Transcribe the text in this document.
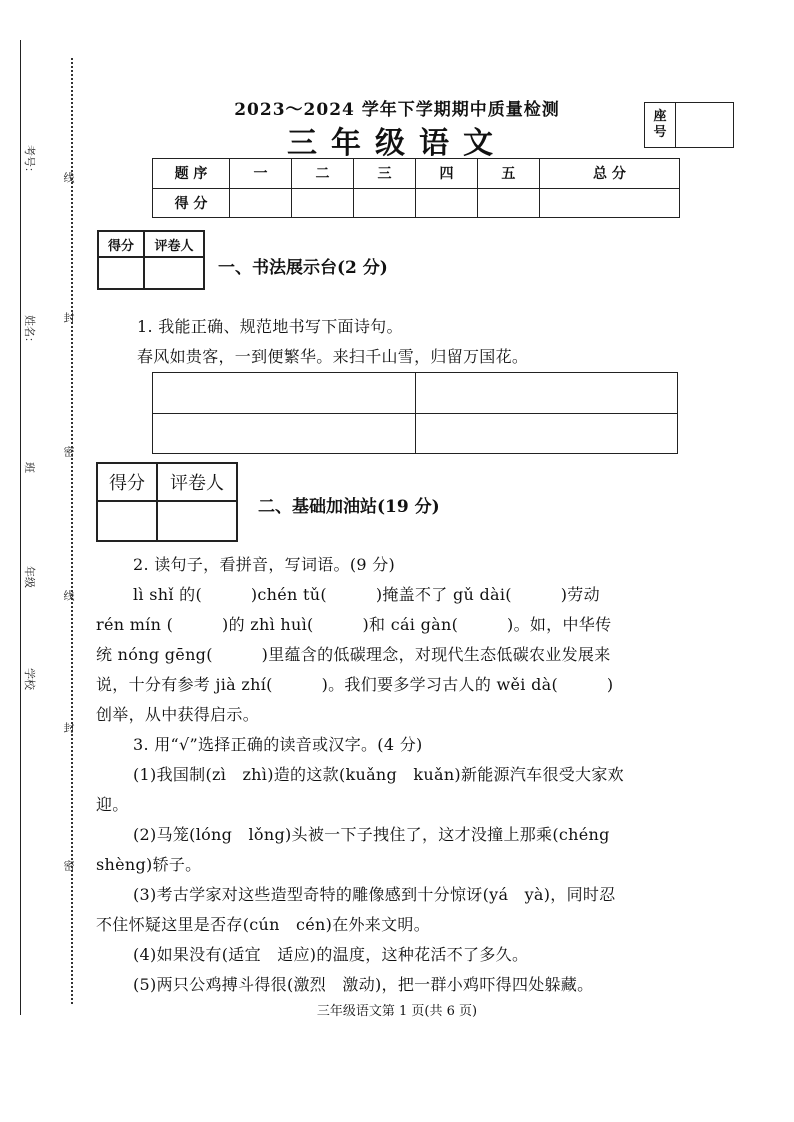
线
封
密
线
封
密
考号：
姓名：
班
年级
学校
2023～2024 学年下学期期中质量检测
三年级语文
座
号
题 序	一	二	三	四	五	总 分
得 分						
得分	评卷人
一、书法展示台(2 分)
1. 我能正确、规范地书写下面诗句。
春风如贵客，一到便繁华。来扫千山雪，归留万国花。
得分	评卷人
二、基础加油站(19 分)
2. 读句子，看拼音，写词语。(9 分)
lì shǐ 的(　　　)chén tǔ(　　　)掩盖不了 gǔ dài(　　　)劳动
rén mín (　　　)的 zhì huì(　　　)和 cái gàn(　　　)。如，中华传
统 nóng gēng(　　　)里蕴含的低碳理念，对现代生态低碳农业发展来
说，十分有参考 jià zhí(　　　)。我们要多学习古人的 wěi dà(　　　)
创举，从中获得启示。
3. 用“√”选择正确的读音或汉字。(4 分)
(1)我国制(zì　zhì)造的这款(kuǎng　kuǎn)新能源汽车很受大家欢
迎。
(2)马笼(lóng　lǒng)头被一下子拽住了，这才没撞上那乘(chéng
shèng)轿子。
(3)考古学家对这些造型奇特的雕像感到十分惊讶(yá　yà)，同时忍
不住怀疑这里是否存(cún　cén)在外来文明。
(4)如果没有(适宜　适应)的温度，这种花活不了多久。
(5)两只公鸡搏斗得很(激烈　激动)，把一群小鸡吓得四处躲藏。
三年级语文第 1 页(共 6 页)
